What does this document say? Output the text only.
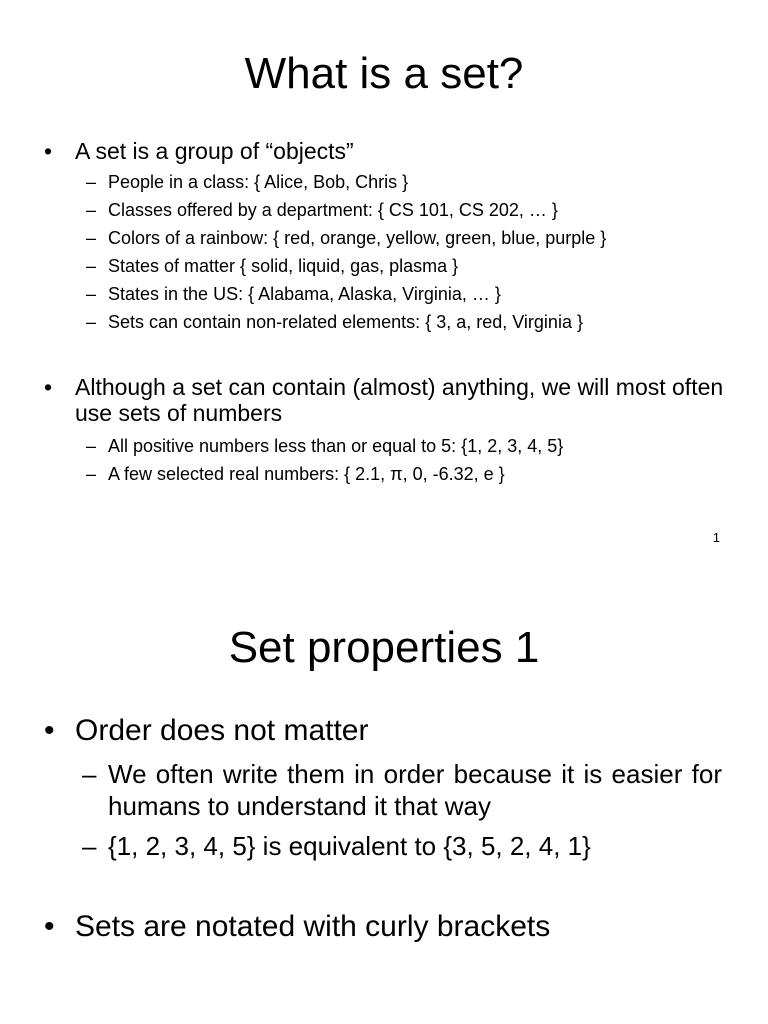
What is a set?
• A set is a group of “objects”
– People in a class: { Alice, Bob, Chris }
– Classes offered by a department: { CS 101, CS 202, … }
– Colors of a rainbow: { red, orange, yellow, green, blue, purple }
– States of matter { solid, liquid, gas, plasma }
– States in the US: { Alabama, Alaska, Virginia, … }
– Sets can contain non-related elements: { 3, a, red, Virginia }
• Although a set can contain (almost) anything, we will most often use sets of numbers
– All positive numbers less than or equal to 5: {1, 2, 3, 4, 5}
– A few selected real numbers: { 2.1, π, 0, -6.32, e }
1
Set properties 1
• Order does not matter
– We often write them in order because it is easier for humans to understand it that way
– {1, 2, 3, 4, 5} is equivalent to {3, 5, 2, 4, 1}
• Sets are notated with curly brackets
